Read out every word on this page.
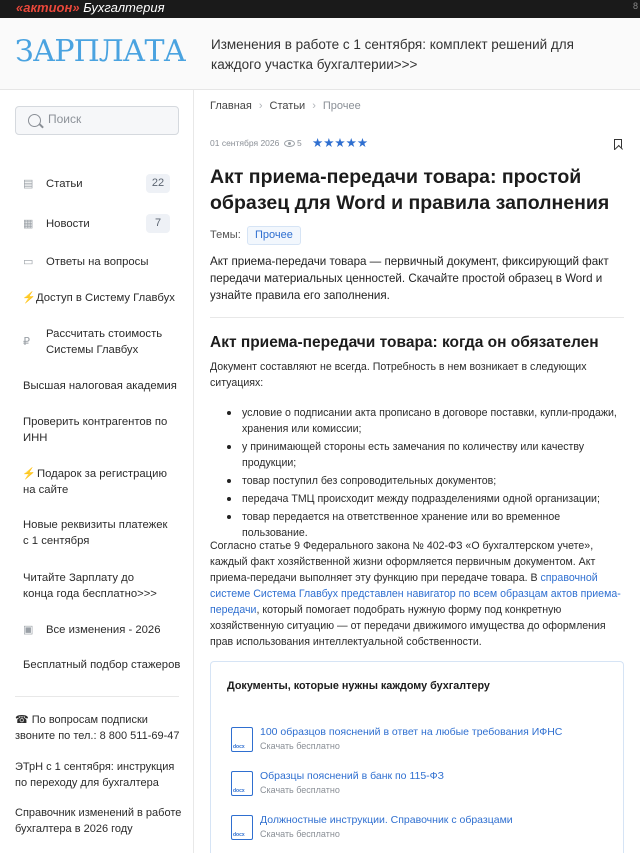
«актион» Бухгалтерия	8
ЗАРПЛАТА Изменения в работе с 1 сентября: комплект решений для каждого участка бухгалтерии>>>
Поиск
▤ Статьи	22
▦ Новости	7
▭ Ответы на вопросы
⚡ Доступ в Систему Главбух
₽
Рассчитать стоимость Системы Главбух
Высшая налоговая академия
Проверить контрагентов по ИНН
⚡ Подарок за регистрацию на сайте
Новые реквизиты платежек с 1 сентября
Читайте Зарплату до конца года бесплатно>>>
▣ Все изменения - 2026
Бесплатный подбор стажеров
☎ По вопросам подписки звоните по тел.: 8 800 511-69-47
ЭТрН с 1 сентября: инструкция по переходу для бухгалтера
Справочник изменений в работе бухгалтера в 2026 году
Главная › Статьи › Прочее
01 сентября 2026 5 ★★★★★
Акт приема-передачи товара: простой образец для Word и правила заполнения
Темы:	Прочее

Акт приема-передачи товара — первичный документ, фиксирующий факт передачи материальных ценностей. Скачайте простой образец в Word и узнайте правила его заполнения.

Акт приема-передачи товара: когда он обязателен

Документ составляют не всегда. Потребность в нем возникает в следующих ситуациях:

условие о подписании акта прописано в договоре поставки, купли-продажи, хранения или комиссии;
у принимающей стороны есть замечания по количеству или качеству продукции;
товар поступил без сопроводительных документов;
передача ТМЦ происходит между подразделениями одной организации;
товар передается на ответственное хранение или во временное пользование.

Согласно статье 9 Федерального закона № 402-ФЗ «О бухгалтерском учете», каждый факт хозяйственной жизни оформляется первичным документом. Акт приема-передачи выполняет эту функцию при передаче товара. В справочной системе Система Главбух представлен навигатор по всем образцам актов приема-передачи, который помогает подобрать нужную форму под конкретную хозяйственную ситуацию — от передачи движимого имущества до оформления прав использования интеллектуальной собственности.

Документы, которые нужны каждому бухгалтеру
docx
100 образцов пояснений в ответ на любые требования ИФНС
Скачать бесплатно
docx
Образцы пояснений в банк по 115-ФЗ
Скачать бесплатно
docx
Должностные инструкции. Справочник с образцами
Скачать бесплатно
